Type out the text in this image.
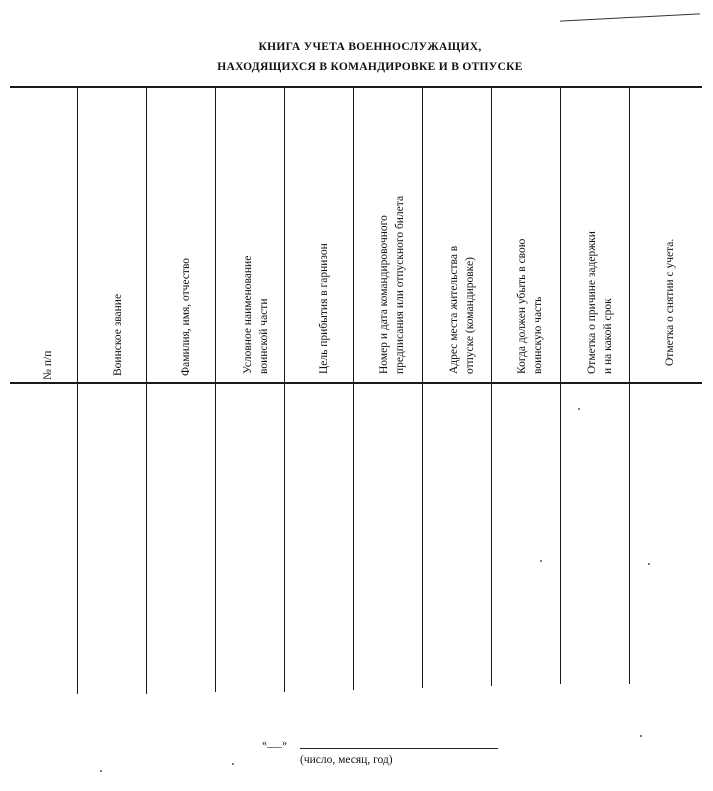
КНИГА УЧЕТА ВОЕННОСЛУЖАЩИХ,
НАХОДЯЩИХСЯ В КОМАНДИРОВКЕ И В ОТПУСКЕ
№ п/п	Воинское звание	Фамилия, имя, отчество	Условное наименование воинской части	Цель прибытия в гарнизон	Номер и дата командировочного предписания или отпускного билета	Адрес места жительства в отпуске (командировке)	Когда должен убыть в свою воинскую часть	Отметка о причине задержки и на какой срок	Отметка о снятии с учета.
«___»
(число, месяц, год)
